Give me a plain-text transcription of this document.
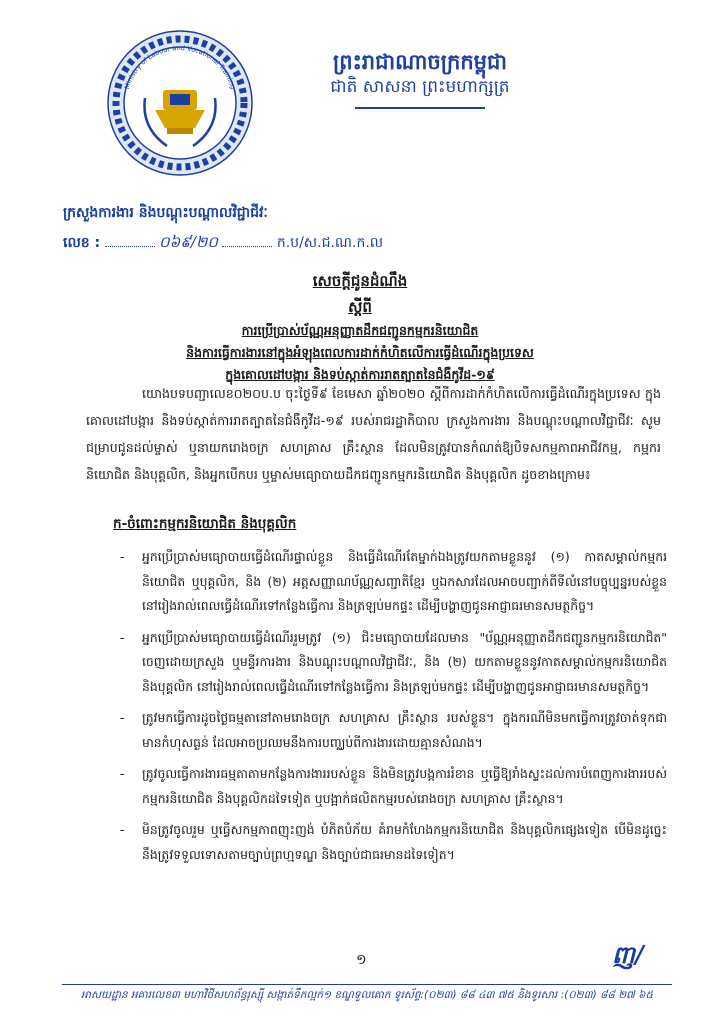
Ministry of Labour and Vocational Training
ព្រះរាជាណាចក្រកម្ពុជា
ជាតិ សាសនា ព្រះមហាក្សត្រ
ក្រសួងការងារ និងបណ្តុះបណ្តាលវិជ្ជាជីវៈ
លេខ :	០៦៩/២០	ក.ប/ស.ជ.ណ.ក.ល
សេចក្តីជូនដំណឹង
ស្តីពី
ការប្រើប្រាស់ប័ណ្ណអនុញ្ញាតដឹកជញ្ជូនកម្មករនិយោជិត
និងការធ្វើការងារនៅក្នុងអំឡុងពេលការដាក់កំហិតលើការធ្វើដំណើរក្នុងប្រទេស
ក្នុងគោលដៅបង្ការ និងទប់ស្កាត់ការរាតត្បាតនៃជំងឺកូវីដ-១៩
យោងបទបញ្ជាលេខ០២០ប.ប ចុះថ្ងៃទី៩ ខែមេសា ឆ្នាំ២០២០ ស្តីពីការដាក់កំហិតលើការធ្វើដំណើរក្នុងប្រទេស ក្នុងគោលដៅបង្ការ និងទប់ស្កាត់ការរាតត្បាតនៃជំងឺកូវីដ-១៩ របស់រាជរដ្ឋាភិបាល ក្រសួងការងារ និងបណ្តុះបណ្តាលវិជ្ជាជីវៈ សូមជម្រាបជូនដល់ម្ចាស់ ឬនាយករោងចក្រ សហគ្រាស គ្រឹះស្ថាន ដែលមិនត្រូវបានកំណត់ឱ្យបិទសកម្មភាពអាជីវកម្ម, កម្មករនិយោជិត និងបុគ្គលិក, និងអ្នកបើកបរ ឬម្ចាស់មធ្យោបាយដឹកជញ្ជូនកម្មករនិយោជិត និងបុគ្គលិក ដូចខាងក្រោម៖
ក-ចំពោះកម្មករនិយោជិត និងបុគ្គលិក
- អ្នកប្រើប្រាស់មធ្យោបាយធ្វើដំណើរផ្ទាល់ខ្លួន និងធ្វើដំណើរតែម្នាក់ឯងត្រូវយកតាមខ្លួននូវ (១) កាតសម្គាល់កម្មករនិយោជិត ឬបុគ្គលិក, និង (២) អត្តសញ្ញាណប័ណ្ណសញ្ជាតិខ្មែរ ឬឯកសារដែលអាចបញ្ជាក់ពីទីលំនៅបច្ចុប្បន្នរបស់ខ្លួន នៅរៀងរាល់ពេលធ្វើដំណើរទៅកន្លែងធ្វើការ និងត្រឡប់មកផ្ទះ ដើម្បីបង្ហាញជូនអាជ្ញាធរមានសមត្ថកិច្ច។
- អ្នកប្រើប្រាស់មធ្យោបាយធ្វើដំណើររួមត្រូវ (១) ជិះមធ្យោបាយដែលមាន "ប័ណ្ណអនុញ្ញាតដឹកជញ្ជូនកម្មករនិយោជិត" ចេញដោយក្រសួង ឬមន្ទីរការងារ និងបណ្តុះបណ្តាលវិជ្ជាជីវៈ, និង (២) យកតាមខ្លួននូវកាតសម្គាល់កម្មករនិយោជិត និងបុគ្គលិក នៅរៀងរាល់ពេលធ្វើដំណើរទៅកន្លែងធ្វើការ និងត្រឡប់មកផ្ទះ ដើម្បីបង្ហាញជូនអាជ្ញាធរមានសមត្ថកិច្ច។
- ត្រូវមកធ្វើការដូចថ្ងៃធម្មតានៅតាមរោងចក្រ សហគ្រាស គ្រឹះស្ថាន របស់ខ្លួន។ ក្នុងករណីមិនមកធ្វើការត្រូវចាត់ទុកជាមានកំហុសធ្ងន់ ដែលអាចប្រឈមនឹងការបញ្ឈប់ពីការងារដោយគ្មានសំណង។
- ត្រូវចូលធ្វើការងារធម្មតាតាមកន្លែងការងាររបស់ខ្លួន និងមិនត្រូវបង្កការរំខាន ឬធ្វើឱ្យរាំងស្ទះដល់ការបំពេញការងាររបស់កម្មករនិយោជិត និងបុគ្គលិកដទៃទៀត ឬបង្អាក់ផលិតកម្មរបស់រោងចក្រ សហគ្រាស គ្រឹះស្ថាន។
- មិនត្រូវចូលរួម ឬធ្វើសកម្មភាពញុះញង់ បំភិតបំភ័យ គំរាមកំហែងកម្មករនិយោជិត និងបុគ្គលិកផ្សេងទៀត បើមិនដូច្នេះ នឹងត្រូវទទួលទោសតាមច្បាប់ព្រហ្មទណ្ឌ និងច្បាប់ជាធរមានដទៃទៀត។
១	ញ/
អាសយដ្ឋាន អគារលេខ៣ មហាវិថីសហព័ន្ធរុស្ស៊ី សង្កាត់ទឹកល្អក់១ ខណ្ឌទួលគោក ទូរស័ព្ទ:(០២៣) ៨៨ ៤៣ ៧៥ និងទូរសារ :(០២៣) ៨៨ ២៧ ៦៥
